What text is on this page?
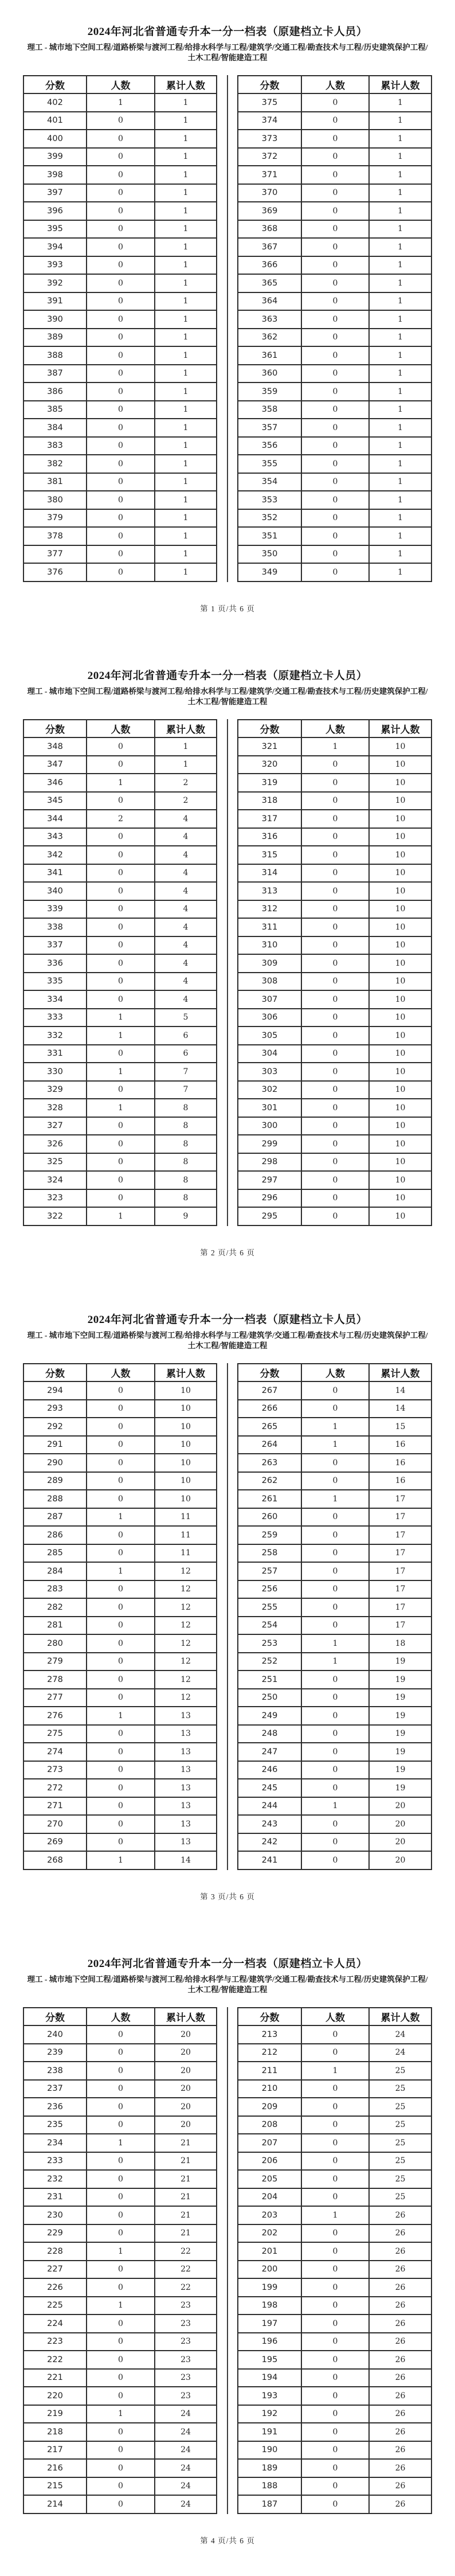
2024年河北省普通专升本一分一档表（原建档立卡人员）
理工 - 城市地下空间工程/道路桥梁与渡河工程/给排水科学与工程/建筑学/交通工程/勘查技术与工程/历史建筑保护工程/土木工程/智能建造工程
分数	人数	累计人数
402	1	1
401	0	1
400	0	1
399	0	1
398	0	1
397	0	1
396	0	1
395	0	1
394	0	1
393	0	1
392	0	1
391	0	1
390	0	1
389	0	1
388	0	1
387	0	1
386	0	1
385	0	1
384	0	1
383	0	1
382	0	1
381	0	1
380	0	1
379	0	1
378	0	1
377	0	1
376	0	1
分数	人数	累计人数
375	0	1
374	0	1
373	0	1
372	0	1
371	0	1
370	0	1
369	0	1
368	0	1
367	0	1
366	0	1
365	0	1
364	0	1
363	0	1
362	0	1
361	0	1
360	0	1
359	0	1
358	0	1
357	0	1
356	0	1
355	0	1
354	0	1
353	0	1
352	0	1
351	0	1
350	0	1
349	0	1
第 1 页/共 6 页
2024年河北省普通专升本一分一档表（原建档立卡人员）
理工 - 城市地下空间工程/道路桥梁与渡河工程/给排水科学与工程/建筑学/交通工程/勘查技术与工程/历史建筑保护工程/土木工程/智能建造工程
分数	人数	累计人数
348	0	1
347	0	1
346	1	2
345	0	2
344	2	4
343	0	4
342	0	4
341	0	4
340	0	4
339	0	4
338	0	4
337	0	4
336	0	4
335	0	4
334	0	4
333	1	5
332	1	6
331	0	6
330	1	7
329	0	7
328	1	8
327	0	8
326	0	8
325	0	8
324	0	8
323	0	8
322	1	9
分数	人数	累计人数
321	1	10
320	0	10
319	0	10
318	0	10
317	0	10
316	0	10
315	0	10
314	0	10
313	0	10
312	0	10
311	0	10
310	0	10
309	0	10
308	0	10
307	0	10
306	0	10
305	0	10
304	0	10
303	0	10
302	0	10
301	0	10
300	0	10
299	0	10
298	0	10
297	0	10
296	0	10
295	0	10
第 2 页/共 6 页
2024年河北省普通专升本一分一档表（原建档立卡人员）
理工 - 城市地下空间工程/道路桥梁与渡河工程/给排水科学与工程/建筑学/交通工程/勘查技术与工程/历史建筑保护工程/土木工程/智能建造工程
分数	人数	累计人数
294	0	10
293	0	10
292	0	10
291	0	10
290	0	10
289	0	10
288	0	10
287	1	11
286	0	11
285	0	11
284	1	12
283	0	12
282	0	12
281	0	12
280	0	12
279	0	12
278	0	12
277	0	12
276	1	13
275	0	13
274	0	13
273	0	13
272	0	13
271	0	13
270	0	13
269	0	13
268	1	14
分数	人数	累计人数
267	0	14
266	0	14
265	1	15
264	1	16
263	0	16
262	0	16
261	1	17
260	0	17
259	0	17
258	0	17
257	0	17
256	0	17
255	0	17
254	0	17
253	1	18
252	1	19
251	0	19
250	0	19
249	0	19
248	0	19
247	0	19
246	0	19
245	0	19
244	1	20
243	0	20
242	0	20
241	0	20
第 3 页/共 6 页
2024年河北省普通专升本一分一档表（原建档立卡人员）
理工 - 城市地下空间工程/道路桥梁与渡河工程/给排水科学与工程/建筑学/交通工程/勘查技术与工程/历史建筑保护工程/土木工程/智能建造工程
分数	人数	累计人数
240	0	20
239	0	20
238	0	20
237	0	20
236	0	20
235	0	20
234	1	21
233	0	21
232	0	21
231	0	21
230	0	21
229	0	21
228	1	22
227	0	22
226	0	22
225	1	23
224	0	23
223	0	23
222	0	23
221	0	23
220	0	23
219	1	24
218	0	24
217	0	24
216	0	24
215	0	24
214	0	24
分数	人数	累计人数
213	0	24
212	0	24
211	1	25
210	0	25
209	0	25
208	0	25
207	0	25
206	0	25
205	0	25
204	0	25
203	1	26
202	0	26
201	0	26
200	0	26
199	0	26
198	0	26
197	0	26
196	0	26
195	0	26
194	0	26
193	0	26
192	0	26
191	0	26
190	0	26
189	0	26
188	0	26
187	0	26
第 4 页/共 6 页
